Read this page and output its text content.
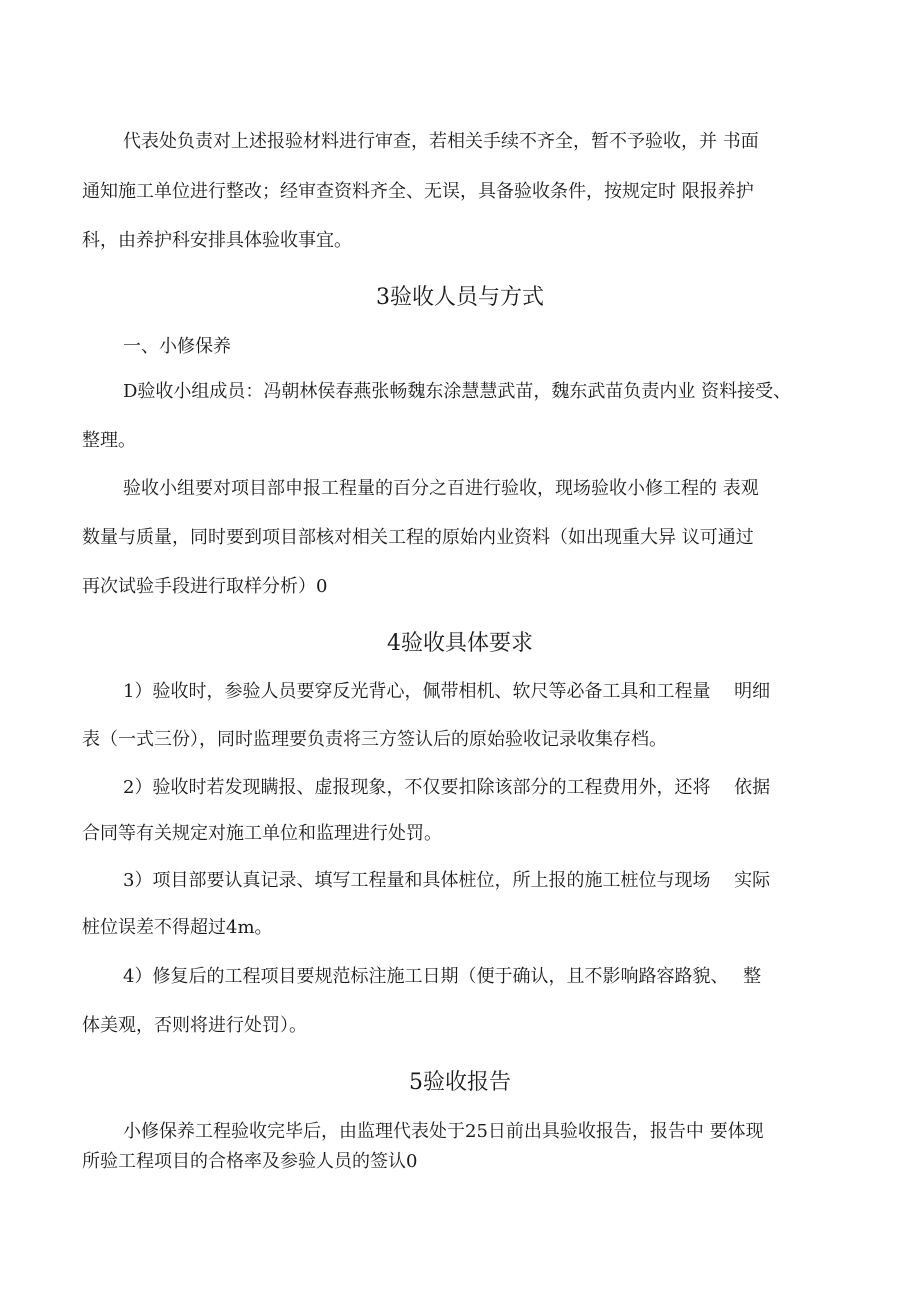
代表处负责对上述报验材料进行审查，若相关手续不齐全，暂不予验收，并 书面
通知施工单位进行整改；经审查资料齐全、无误，具备验收条件，按规定时 限报养护
科，由养护科安排具体验收事宜。
3验收人员与方式
一、小修保养
D验收小组成员：冯朝林侯春燕张畅魏东涂慧慧武苗，魏东武苗负责内业 资料接受、
整理。
验收小组要对项目部申报工程量的百分之百进行验收，现场验收小修工程的 表观
数量与质量，同时要到项目部核对相关工程的原始内业资料（如出现重大异 议可通过
再次试验手段进行取样分析）0
4验收具体要求
1）验收时，参验人员要穿反光背心，佩带相机、软尺等必备工具和工程量　 明细
表（一式三份），同时监理要负责将三方签认后的原始验收记录收集存档。
2）验收时若发现瞒报、虚报现象，不仅要扣除该部分的工程费用外，还将　 依据
合同等有关规定对施工单位和监理进行处罚。
3）项目部要认真记录、填写工程量和具体桩位，所上报的施工桩位与现场　 实际
桩位误差不得超过4m。
4）修复后的工程项目要规范标注施工日期（便于确认，且不影响路容路貌、　 整
体美观，否则将进行处罚）。
5验收报告
小修保养工程验收完毕后，由监理代表处于25日前出具验收报告，报告中 要体现
所验工程项目的合格率及参验人员的签认0
